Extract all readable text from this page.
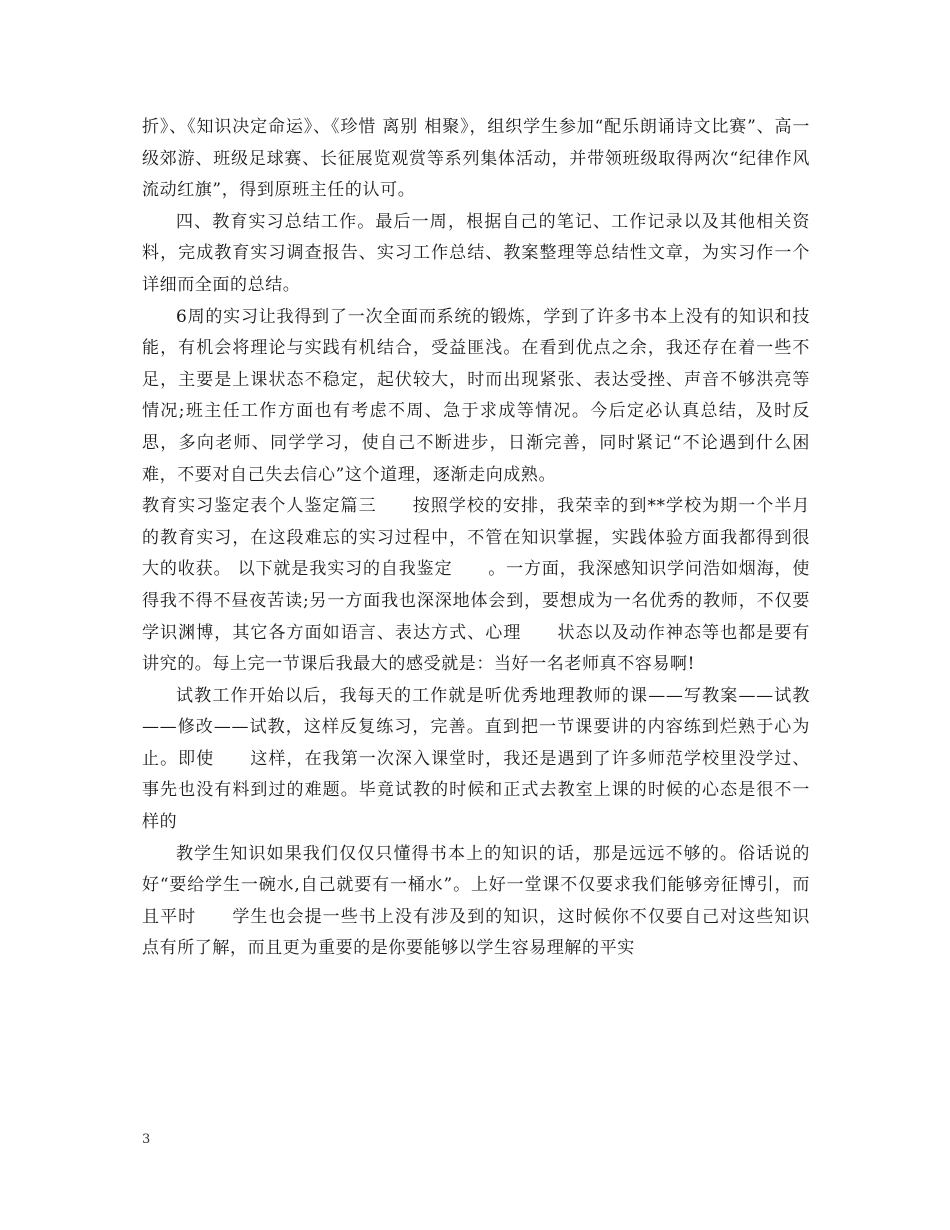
折》、《知识决定命运》、《珍惜 离别 相聚》，组织学生参加“配乐朗诵诗文比赛”、高一级郊游、班级足球赛、长征展览观赏等系列集体活动，并带领班级取得两次“纪律作风流动红旗”，得到原班主任的认可。

四、教育实习总结工作。最后一周，根据自己的笔记、工作记录以及其他相关资料，完成教育实习调查报告、实习工作总结、教案整理等总结性文章，为实习作一个详细而全面的总结。

6周的实习让我得到了一次全面而系统的锻炼，学到了许多书本上没有的知识和技能，有机会将理论与实践有机结合，受益匪浅。在看到优点之余，我还存在着一些不足，主要是上课状态不稳定，起伏较大，时而出现紧张、表达受挫、声音不够洪亮等情况;班主任工作方面也有考虑不周、急于求成等情况。今后定必认真总结，及时反思，多向老师、同学学习，使自己不断进步，日渐完善，同时紧记“不论遇到什么困难，不要对自己失去信心”这个道理，逐渐走向成熟。

教育实习鉴定表个人鉴定篇三　　按照学校的安排，我荣幸的到**学校为期一个半月的教育实习，在这段难忘的实习过程中，不管在知识掌握，实践体验方面我都得到很大的收获。 以下就是我实习的自我鉴定　　。一方面，我深感知识学问浩如烟海，使得我不得不昼夜苦读;另一方面我也深深地体会到，要想成为一名优秀的教师，不仅要学识渊博，其它各方面如语言、表达方式、心理　　状态以及动作神态等也都是要有讲究的。每上完一节课后我最大的感受就是：当好一名老师真不容易啊!

试教工作开始以后，我每天的工作就是听优秀地理教师的课——写教案——试教——修改——试教，这样反复练习，完善。直到把一节课要讲的内容练到烂熟于心为止。即使　　这样，在我第一次深入课堂时，我还是遇到了许多师范学校里没学过、事先也没有料到过的难题。毕竟试教的时候和正式去教室上课的时候的心态是很不一样的

教学生知识如果我们仅仅只懂得书本上的知识的话，那是远远不够的。俗话说的好“要给学生一碗水,自己就要有一桶水”。上好一堂课不仅要求我们能够旁征博引，而且平时　　学生也会提一些书上没有涉及到的知识，这时候你不仅要自己对这些知识点有所了解，而且更为重要的是你要能够以学生容易理解的平实

3
